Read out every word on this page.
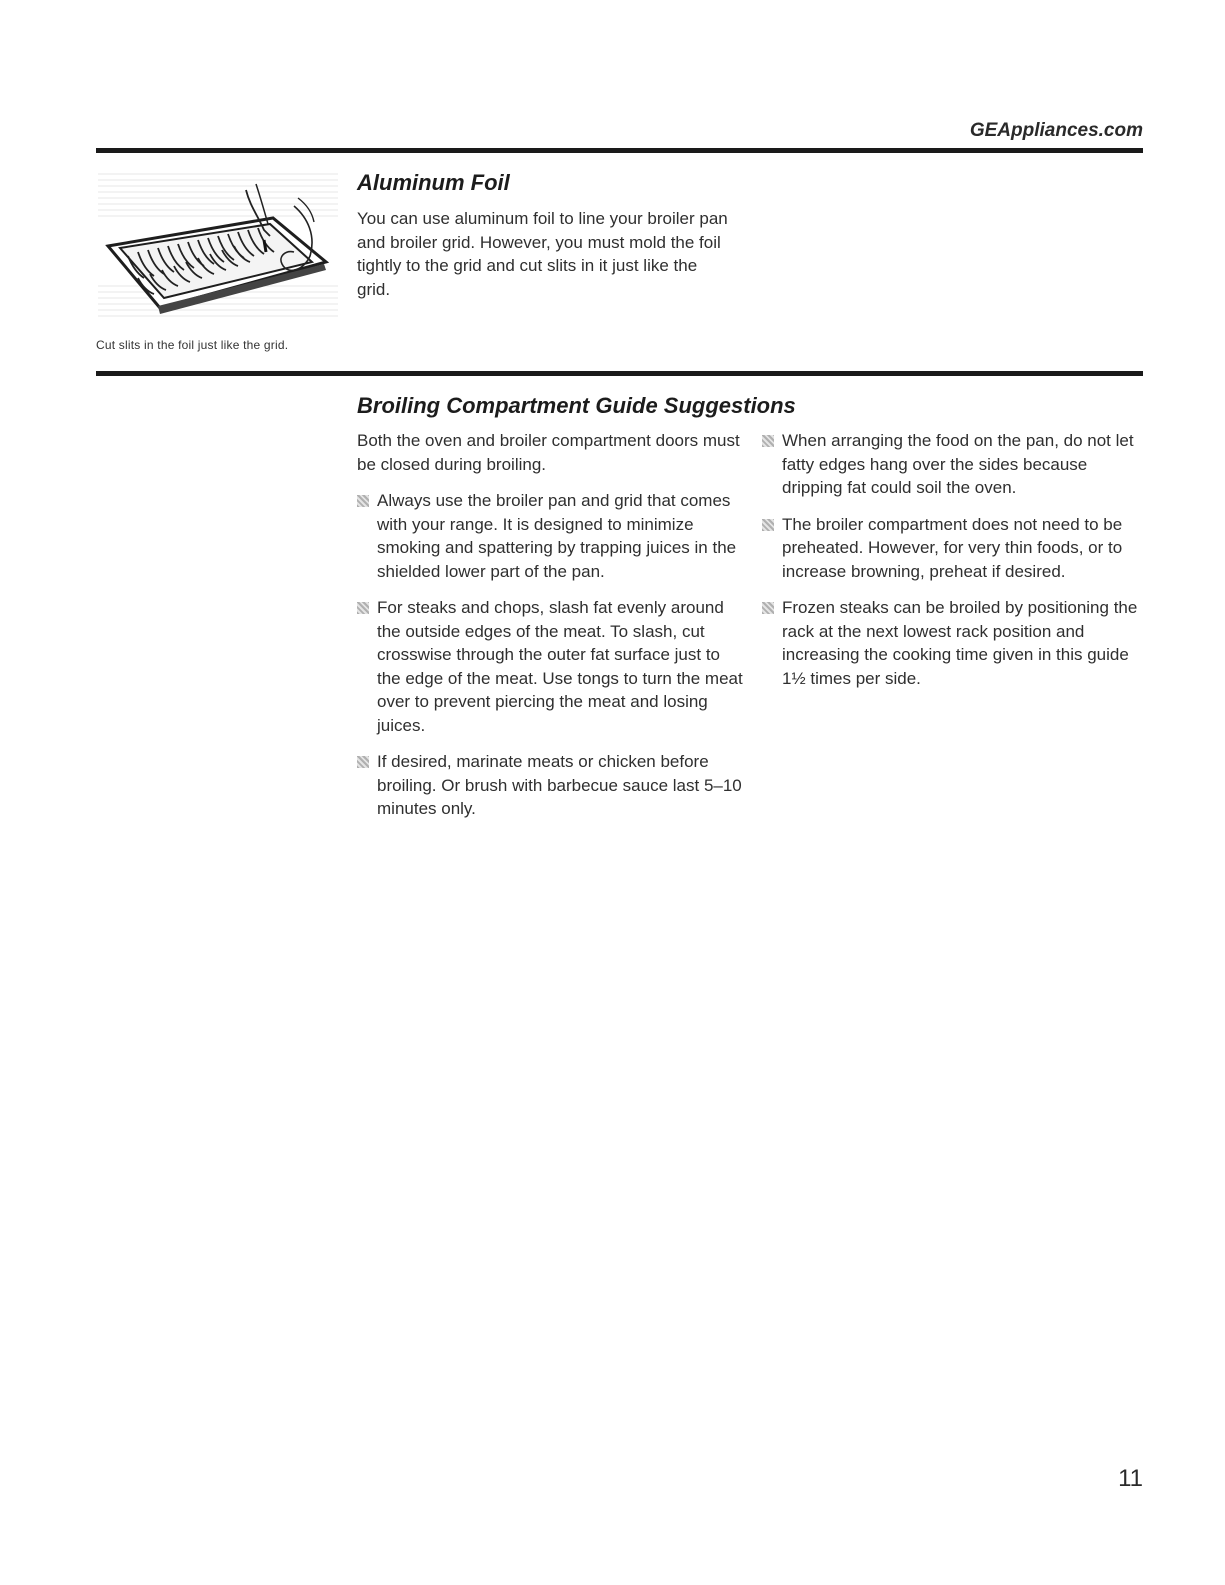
GEAppliances.com
Cut slits in the foil just like the grid.
Aluminum Foil
You can use aluminum foil to line your broiler pan and broiler grid. However, you must mold the foil tightly to the grid and cut slits in it just like the grid.
Broiling Compartment Guide Suggestions

Both the oven and broiler compartment doors must be closed during broiling.

Always use the broiler pan and grid that comes with your range. It is designed to minimize smoking and spattering by trapping juices in the shielded lower part of the pan.
For steaks and chops, slash fat evenly around the outside edges of the meat. To slash, cut crosswise through the outer fat surface just to the edge of the meat. Use tongs to turn the meat over to prevent piercing the meat and losing juices.
If desired, marinate meats or chicken before broiling. Or brush with barbecue sauce last 5–10 minutes only.
When arranging the food on the pan, do not let fatty edges hang over the sides because dripping fat could soil the oven.
The broiler compartment does not need to be preheated. However, for very thin foods, or to increase browning, preheat if desired.
Frozen steaks can be broiled by positioning the rack at the next lowest rack position and increasing the cooking time given in this guide 1½ times per side.
11
